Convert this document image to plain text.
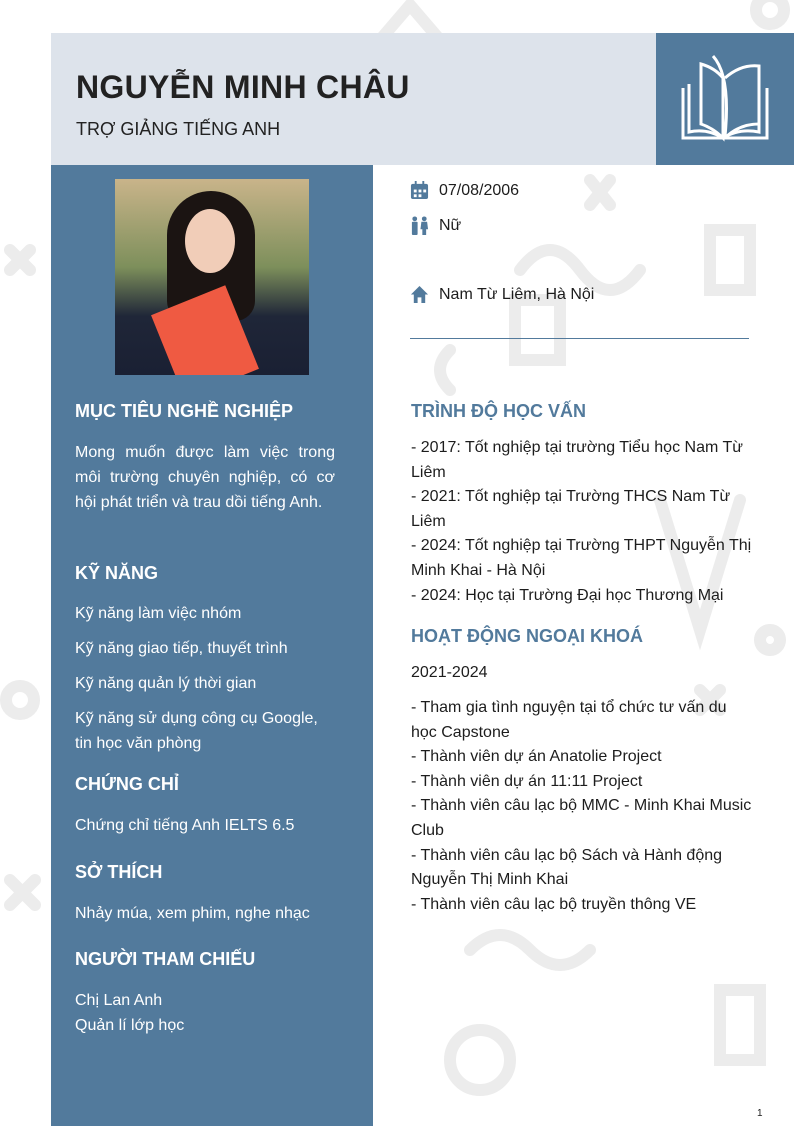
NGUYỄN MINH CHÂU
TRỢ GIẢNG TIẾNG ANH
MỤC TIÊU NGHỀ NGHIỆP
Mong muốn được làm việc trong môi trường chuyên nghiệp, có cơ hội phát triển và trau dồi tiếng Anh.
KỸ NĂNG
Kỹ năng làm việc nhóm
Kỹ năng giao tiếp, thuyết trình
Kỹ năng quản lý thời gian
Kỹ năng sử dụng công cụ Google, tin học văn phòng
CHỨNG CHỈ
Chứng chỉ tiếng Anh IELTS 6.5
SỞ THÍCH
Nhảy múa, xem phim, nghe nhạc
NGƯỜI THAM CHIẾU
Chị Lan Anh
Quản lí lớp học
07/08/2006
Nữ
Nam Từ Liêm, Hà Nội
TRÌNH ĐỘ HỌC VẤN
- 2017: Tốt nghiệp tại trường Tiểu học Nam Từ Liêm
- 2021: Tốt nghiệp tại Trường THCS Nam Từ Liêm
- 2024: Tốt nghiệp tại Trường THPT Nguyễn Thị Minh Khai - Hà Nội
- 2024: Học tại Trường Đại học Thương Mại
HOẠT ĐỘNG NGOẠI KHOÁ
2021-2024
- Tham gia tình nguyện tại tổ chức tư vấn du học Capstone
- Thành viên dự án Anatolie Project
- Thành viên dự án 11:11 Project
- Thành viên câu lạc bộ MMC - Minh Khai Music Club
- Thành viên câu lạc bộ Sách và Hành động Nguyễn Thị Minh Khai
- Thành viên câu lạc bộ truyền thông VE
1
